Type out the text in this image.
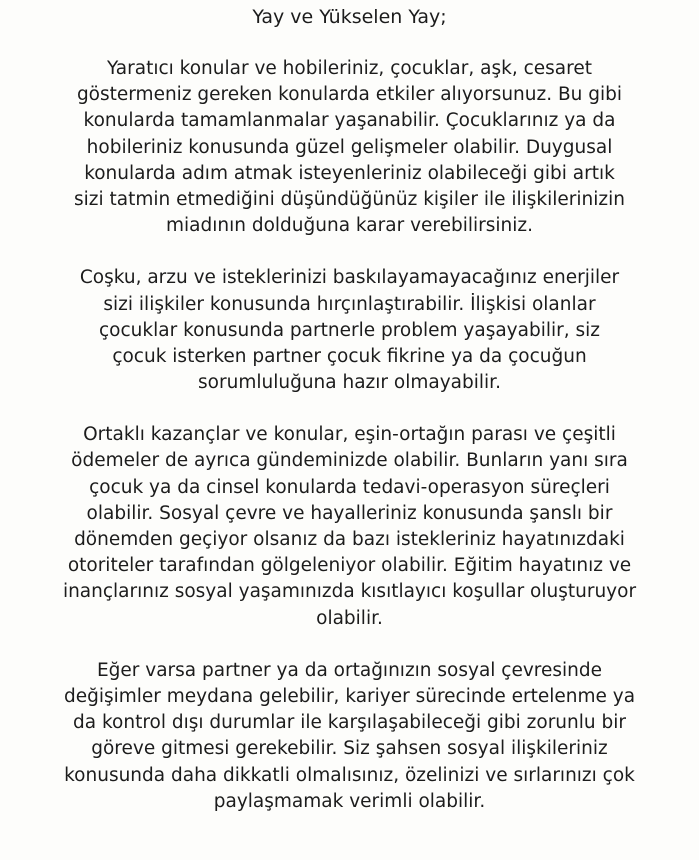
Yay ve Yükselen Yay;
Yaratıcı konular ve hobileriniz, çocuklar, aşk, cesaret
göstermeniz gereken konularda etkiler alıyorsunuz. Bu gibi
konularda tamamlanmalar yaşanabilir. Çocuklarınız ya da
hobileriniz konusunda güzel gelişmeler olabilir. Duygusal
konularda adım atmak isteyenleriniz olabileceği gibi artık
sizi tatmin etmediğini düşündüğünüz kişiler ile ilişkilerinizin
miadının dolduğuna karar verebilirsiniz.
Coşku, arzu ve isteklerinizi baskılayamayacağınız enerjiler
sizi ilişkiler konusunda hırçınlaştırabilir. İlişkisi olanlar
çocuklar konusunda partnerle problem yaşayabilir, siz
çocuk isterken partner çocuk fikrine ya da çocuğun
sorumluluğuna hazır olmayabilir.
Ortaklı kazançlar ve konular, eşin-ortağın parası ve çeşitli
ödemeler de ayrıca gündeminizde olabilir. Bunların yanı sıra
çocuk ya da cinsel konularda tedavi-operasyon süreçleri
olabilir. Sosyal çevre ve hayalleriniz konusunda şanslı bir
dönemden geçiyor olsanız da bazı istekleriniz hayatınızdaki
otoriteler tarafından gölgeleniyor olabilir. Eğitim hayatınız ve
inançlarınız sosyal yaşamınızda kısıtlayıcı koşullar oluşturuyor
olabilir.
Eğer varsa partner ya da ortağınızın sosyal çevresinde
değişimler meydana gelebilir, kariyer sürecinde ertelenme ya
da kontrol dışı durumlar ile karşılaşabileceği gibi zorunlu bir
göreve gitmesi gerekebilir. Siz şahsen sosyal ilişkileriniz
konusunda daha dikkatli olmalısınız, özelinizi ve sırlarınızı çok
paylaşmamak verimli olabilir.
